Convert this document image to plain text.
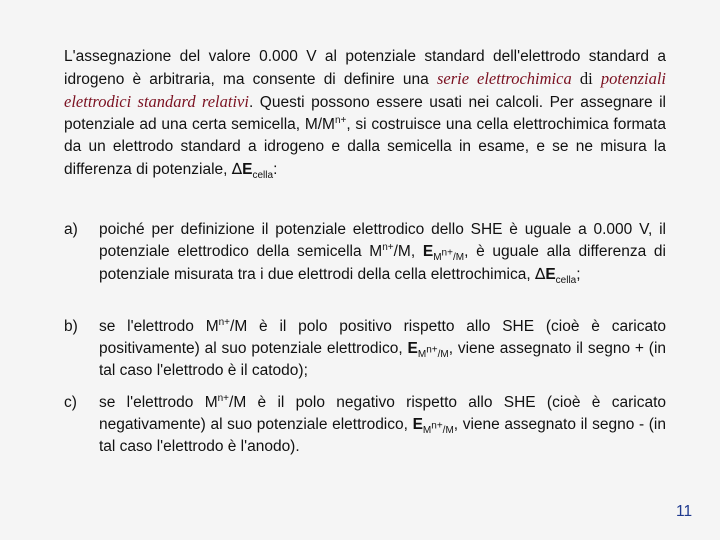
L'assegnazione del valore 0.000 V al potenziale standard dell'elettrodo standard a idrogeno è arbitraria, ma consente di definire una serie elettrochimica di potenziali elettrodici standard relativi. Questi possono essere usati nei calcoli. Per assegnare il potenziale ad una certa semicella, $M/M^{n+}$, si costruisce una cella elettrochimica formata da un elettrodo standard a idrogeno e dalla semicella in esame, e se ne misura la differenza di potenziale, $\Delta E_{cella}$:

a) poiché per definizione il potenziale elettrodico dello SHE è uguale a 0.000 V, il potenziale elettrodico della semicella $M^{n+}/M$, $E_{M^{n+}/M}$, è uguale alla differenza di potenziale misurata tra i due elettrodi della cella elettrochimica, $\Delta E_{cella}$;
b) se l'elettrodo $M^{n+}/M$ è il polo positivo rispetto allo SHE (cioè è caricato positivamente) al suo potenziale elettrodico, $E_{M^{n+}/M}$, viene assegnato il segno + (in tal caso l'elettrodo è il catodo);
c) se l'elettrodo $M^{n+}/M$ è il polo negativo rispetto allo SHE (cioè è caricato negativamente) al suo potenziale elettrodico, $E_{M^{n+}/M}$, viene assegnato il segno - (in tal caso l'elettrodo è l'anodo).
11
